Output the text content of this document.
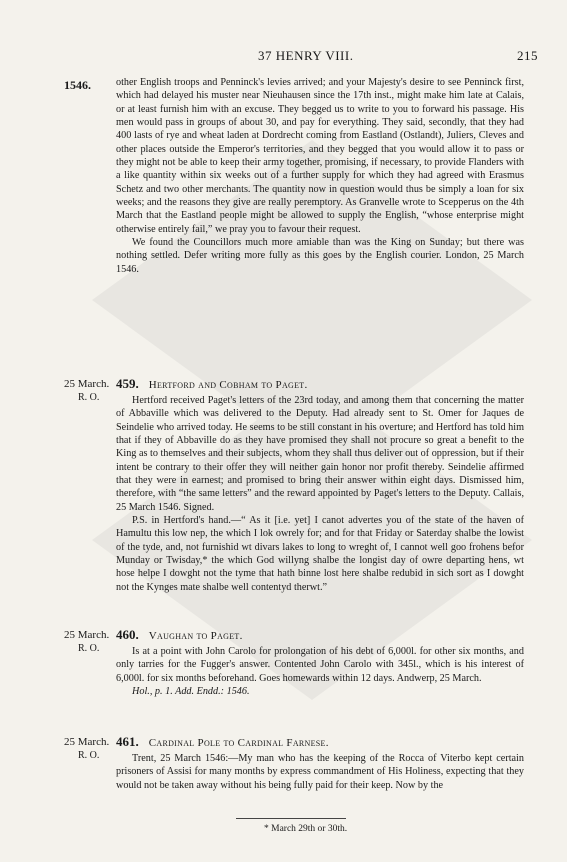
37 HENRY VIII.	215
1546. other English troops and Penninck's levies arrived; and your Majesty's desire to see Penninck first, which had delayed his muster near Nieuhausen since the 17th inst., might make him late at Calais, or at least furnish him with an excuse. They begged us to write to you to forward his passage. His men would pass in groups of about 30, and pay for everything. They said, secondly, that they had 400 lasts of rye and wheat laden at Dordrecht coming from Eastland (Ostlandt), Juliers, Cleves and other places outside the Emperor's territories, and they begged that you would allow it to pass or they might not be able to keep their army together, promising, if necessary, to provide Flanders with a like quantity within six weeks out of a further supply for which they had agreed with Erasmus Schetz and two other merchants. The quantity now in question would thus be simply a loan for six weeks; and the reasons they give are really peremptory. As Granvelle wrote to Scepperus on the 4th March that the Eastland people might be allowed to supply the English, “whose enterprise might otherwise entirely fail,” we pray you to favour their request.

We found the Councillors much more amiable than was the King on Sunday; but there was nothing settled. Defer writing more fully as this goes by the English courier. London, 25 March 1546.

25 March.
R. O.
459. Hertford and Cobham to Paget.

Hertford received Paget's letters of the 23rd today, and among them that concerning the matter of Abbaville which was delivered to the Deputy. Had already sent to St. Omer for Jaques de Seindelie who arrived today. He seems to be still constant in his overture; and Hertford has told him that if they of Abbaville do as they have promised they shall not procure so great a benefit to the King as to themselves and their subjects, whom they shall thus deliver out of oppression, but if their intent be contrary to their offer they will neither gain honor nor profit thereby. Seindelie affirmed that they were in earnest; and promised to bring their answer within eight days. Dismissed him, therefore, with “the same letters” and the reward appointed by Paget's letters to the Deputy. Callais, 25 March 1546. Signed.

P.S. in Hertford's hand.—“ As it [i.e. yet] I canot advertes you of the state of the haven of Hamultu this low nep, the which I lok owrely for; and for that Friday or Saterday shalbe the lowist of the tyde, and, not furnishid wt divars lakes to long to wreght of, I cannot well goo frohens befor Munday or Twisday,* the which God willyng shalbe the longist day of owre departing hens, wt hose helpe I dowght not the tyme that hath binne lost here shalbe redubid in sich sort as I dowght not the Kynges mate shalbe well contentyd therwt.”

25 March.
R. O.
460. Vaughan to Paget.

Is at a point with John Carolo for prolongation of his debt of 6,000l. for other six months, and only tarries for the Fugger's answer. Contented John Carolo with 345l., which is his interest of 6,000l. for six months beforehand. Goes homewards within 12 days. Andwerp, 25 March.

Hol., p. 1. Add. Endd.: 1546.

25 March.
R. O.
461. Cardinal Pole to Cardinal Farnese.

Trent, 25 March 1546:—My man who has the keeping of the Rocca of Viterbo kept certain prisoners of Assisi for many months by express commandment of His Holiness, expecting that they would not be taken away without his being fully paid for their keep. Now by the

* March 29th or 30th.
